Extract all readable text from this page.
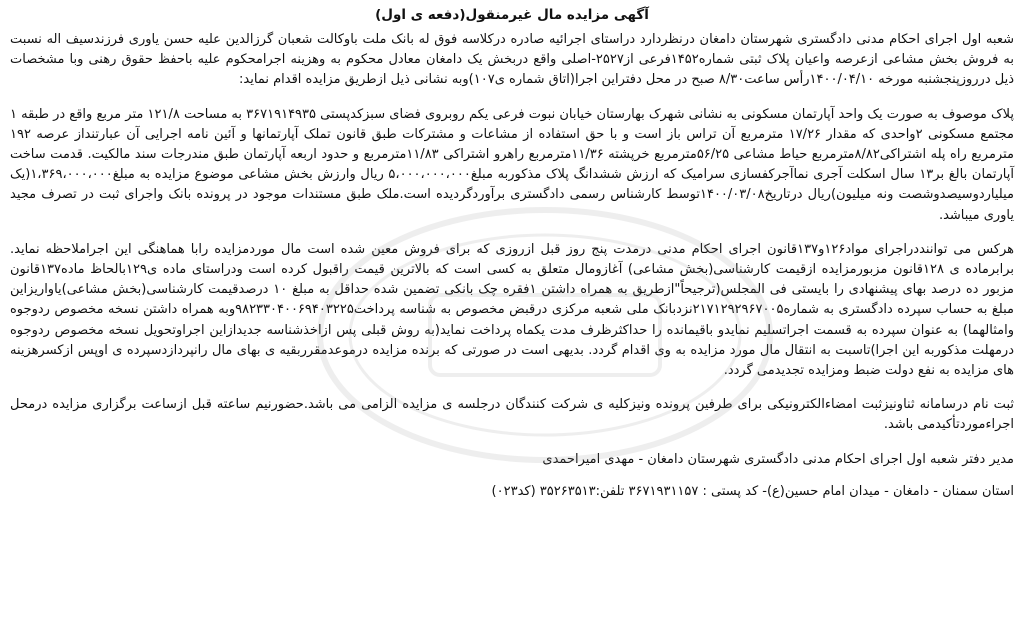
آگهی مزایده مال غیرمنقول(دفعه ی اول)

شعبه اول اجرای احکام مدنی دادگستری شهرستان دامغان درنظردارد دراستای اجرائیه صادره درکلاسه فوق له بانک ملت باوکالت شعبان گرزالدین علیه حسن یاوری فرزندسیف اله نسبت به فروش بخش مشاعی ازعرصه واعیان پلاک ثبتی شماره۱۴۵۲فرعی از۲۵۲۷-اصلی واقع دربخش یک دامغان معادل محکوم به وهزینه اجرامحکوم علیه باحفظ حقوق رهنی وبا مشخصات ذیل درروزپنجشنبه مورخه ۱۴۰۰/۰۴/۱۰رأس ساعت۸/۳۰ صبح در محل دفتراین اجرا(اتاق شماره ی۱۰۷)وبه نشانی ذیل ازطریق مزایده اقدام نماید:

پلاک موصوف به صورت یک واحد آپارتمان مسکونی به نشانی شهرک بهارستان خیابان نبوت فرعی یکم روبروی فضای سبزکدپستی ۳۶۷۱۹۱۴۹۳۵ به مساحت ۱۲۱/۸ متر مربع واقع در طبقه ۱ مجتمع مسکونی ۲واحدی که مقدار ۱۷/۲۶ مترمربع آن تراس باز است و با حق استفاده از مشاعات و مشترکات طبق قانون تملک آپارتمانها و آئین نامه اجرایی آن عبارتنداز عرصه ۱۹۲ مترمربع راه پله اشتراکی۸/۸۲مترمربع حیاط مشاعی ۵۶/۲۵مترمربع خرپشته ۱۱/۳۶مترمربع راهرو اشتراکی ۱۱/۸۳مترمربع و حدود اربعه آپارتمان طبق مندرجات سند مالکیت. قدمت ساخت آپارتمان بالغ بر۱۳ سال اسکلت آجری نماآجرکفسازی سرامیک که ارزش ششدانگ پلاک مذکوربه مبلغ۵،۰۰۰،۰۰۰،۰۰۰ ریال وارزش بخش مشاعی موضوع مزایده به مبلغ۱،۳۶۹،۰۰۰،۰۰۰(یک میلیاردوسیصدوشصت ونه میلیون)ریال درتاریخ۱۴۰۰/۰۳/۰۸توسط کارشناس رسمی دادگستری برآوردگردیده است.ملک طبق مستندات موجود در پرونده بانک واجرای ثبت در تصرف مجید یاوری میباشد.

هرکس می تواننددراجرای مواد۱۲۶و۱۳۷قانون اجرای احکام مدنی درمدت پنج روز قبل ازروزی که برای فروش معین شده است مال موردمزایده رابا هماهنگی این اجراملاحظه نماید. برابرماده ی ۱۲۸قانون مزبورمزایده ازقیمت کارشناسی(بخش مشاعی) آغازومال متعلق به کسی است که بالاترین قیمت راقبول کرده است ودراستای ماده ی۱۲۹بالحاظ ماده۱۳۷قانون مزبور ده درصد بهای پیشنهادی را بایستی فی المجلس(ترجیحاً"ازطریق به همراه داشتن ۱فقره چک بانکی تضمین شده حداقل به مبلغ ۱۰ درصدقیمت کارشناسی(بخش مشاعی)یاواریزاین مبلغ به حساب سپرده دادگستری به شماره۲۱۷۱۲۹۲۹۶۷۰۰۵نزدبانک ملی شعبه مرکزی درقبض مخصوص به شناسه پرداخت۹۸۲۳۳۰۴۰۰۶۹۴۰۳۲۲۵وبه همراه داشتن نسخه مخصوص ردوجوه وامثالهما) به عنوان سپرده به قسمت اجراتسلیم نمایدو باقیمانده را حداکثرظرف مدت یکماه پرداخت نماید(به روش قبلی پس ازاخذشناسه جدیدازاین اجراوتحویل نسخه مخصوص ردوجوه درمهلت مذکوربه این اجرا)تاسبت به انتقال مال مورد مزایده به وی اقدام گردد. بدیهی است در صورتی که برنده مزایده درموعدمقرربقیه ی بهای مال رانپردازدسپرده ی اوپس ازکسرهزینه های مزایده به نفع دولت ضبط ومزایده تجدیدمی گردد.

ثبت نام درسامانه ثناونیزثبت امضاءالکترونیکی برای طرفین پرونده ونیزکلیه ی شرکت کنندگان درجلسه ی مزایده الزامی می باشد.حضورنیم ساعته قبل ازساعت برگزاری مزایده درمحل اجراءموردتأکیدمی باشد.

مدیر دفتر شعبه اول اجرای احکام مدنی دادگستری شهرستان دامغان - مهدی امیراحمدی

استان سمنان - دامغان - میدان امام حسین(ع)- کد پستی : ۳۶۷۱۹۳۱۱۵۷ تلفن:۳۵۲۶۳۵۱۳ (کد۰۲۳)
